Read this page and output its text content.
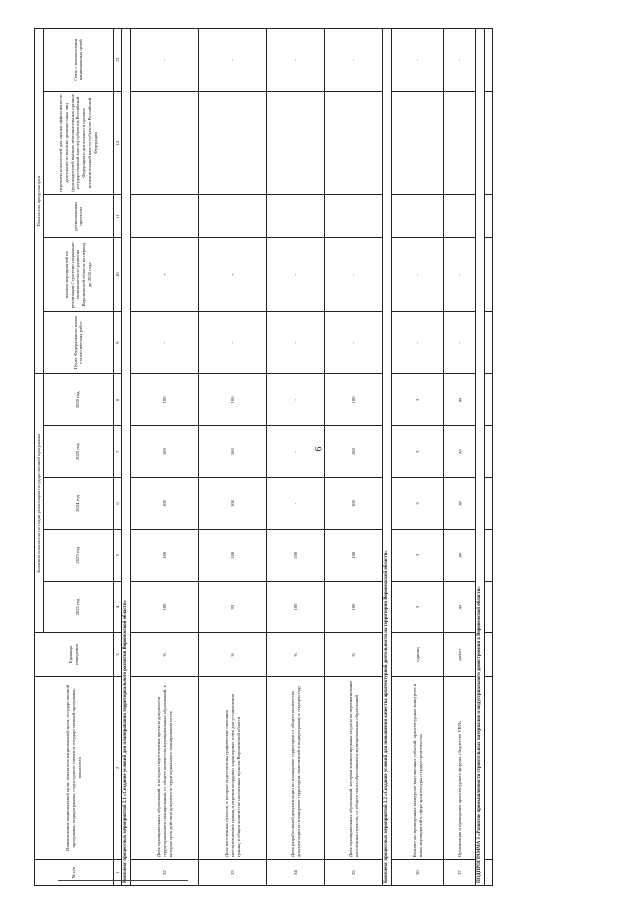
6
№ п/п	Наименование национальной цели, показателя национальной цели, государственной программы, подпрограммы, структурного элемента государственной программы, показателя	Единица измерения	Значения показателя по годам реализации государственной программы					Показатель предусмотрен				
			2022 год	2023 год	2024 год	2025 год	2030 год	Пункт Федерального плана статистических работ	планом мероприятий по реализации Стратегии социально-экономического развития Воронежской области на период до 2035 года	региональным проектом	перечнем показателей для оценки эффективности деятельности высших должностных лиц (руководителей высших исполнительных органов государственной власти) субъектов Российской Федерации и деятельности органов исполнительной власти субъектов Российской Федерации	Связь с показателями национальных целей
1	2	3	4	5	6	7	8	9	10	11	12	13
Комплекс процессных мероприятий 2.1 «Создание условий для планирования территориального развития Воронежской области»												
32	Доля муниципальных образований, в которых подготовлены проекты документов территориального планирования, от общего количества муниципальных образований, в которых срок действия документов территориального планирования истек	%	100	100	100	100	100	-	+			-
33	Доля населенных пунктов, в которых подготовлены графические описания местоположения границ и перечни координат характерных точек для установления границ, в общем количестве населенных пунктов Воронежской области	%	93	100	100	100	100	-	+			-
34	Доля разработанной документации по планировке территории от общего количества документации по планировке территории, включенной в подпрограмму в текущем году	%	100	100	-	-	-	-	-			-
35	Доля муниципальных образований, которым компенсированы затраты на переименование населенных пунктов, от общего числа обратившихся муниципальных образований	%	100	100	100	100	100	-	-			-
Комплекс процессных мероприятий 2.2 «Создание условий для повышения качества архитектурной деятельности на территории Воронежской области»												
36	Количество проведенных конкурсно-выставочных событий, архитектурных конкурсов и иных мероприятий в сфере архитектуры и градостроительства	единиц	3	3	3	3	3	-	-			-
37	Организация и проведение архитектурного форума «Зодчество VRN»	да/нет	да	да	да	да	да	-	-			-
ПОДПРОГРАММА 3 «Развитие промышленности строительных материалов и индустриального домостроения в Воронежской области»												
